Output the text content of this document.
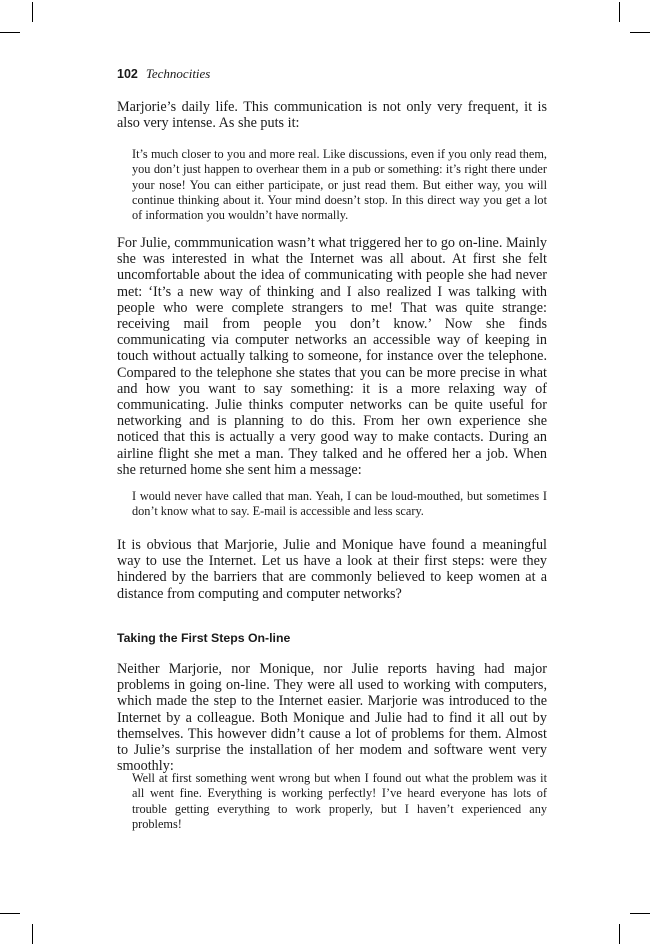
102 Technocities

Marjorie’s daily life. This communication is not only very frequent, it is also very intense. As she puts it:

It’s much closer to you and more real. Like discussions, even if you only read them, you don’t just happen to overhear them in a pub or something: it’s right there under your nose! You can either participate, or just read them. But either way, you will continue thinking about it. Your mind doesn’t stop. In this direct way you get a lot of information you wouldn’t have normally.

For Julie, commmunication wasn’t what triggered her to go on-line. Mainly she was interested in what the Internet was all about. At first she felt uncomfortable about the idea of communicating with people she had never met: ‘It’s a new way of thinking and I also realized I was talking with people who were complete strangers to me! That was quite strange: receiving mail from people you don’t know.’ Now she finds communicating via computer networks an accessible way of keeping in touch without actually talking to someone, for instance over the telephone. Compared to the telephone she states that you can be more precise in what and how you want to say something: it is a more relaxing way of communicating. Julie thinks computer networks can be quite useful for networking and is planning to do this. From her own experience she noticed that this is actually a very good way to make contacts. During an airline flight she met a man. They talked and he offered her a job. When she returned home she sent him a message:

I would never have called that man. Yeah, I can be loud-mouthed, but sometimes I don’t know what to say. E-mail is accessible and less scary.

It is obvious that Marjorie, Julie and Monique have found a meaningful way to use the Internet. Let us have a look at their first steps: were they hindered by the barriers that are commonly believed to keep women at a distance from computing and computer networks?

Taking the First Steps On-line

Neither Marjorie, nor Monique, nor Julie reports having had major problems in going on-line. They were all used to working with computers, which made the step to the Internet easier. Marjorie was introduced to the Internet by a colleague. Both Monique and Julie had to find it all out by themselves. This however didn’t cause a lot of problems for them. Almost to Julie’s surprise the installation of her modem and software went very smoothly:

Well at first something went wrong but when I found out what the problem was it all went fine. Everything is working perfectly! I’ve heard everyone has lots of trouble getting everything to work properly, but I haven’t experienced any problems!
